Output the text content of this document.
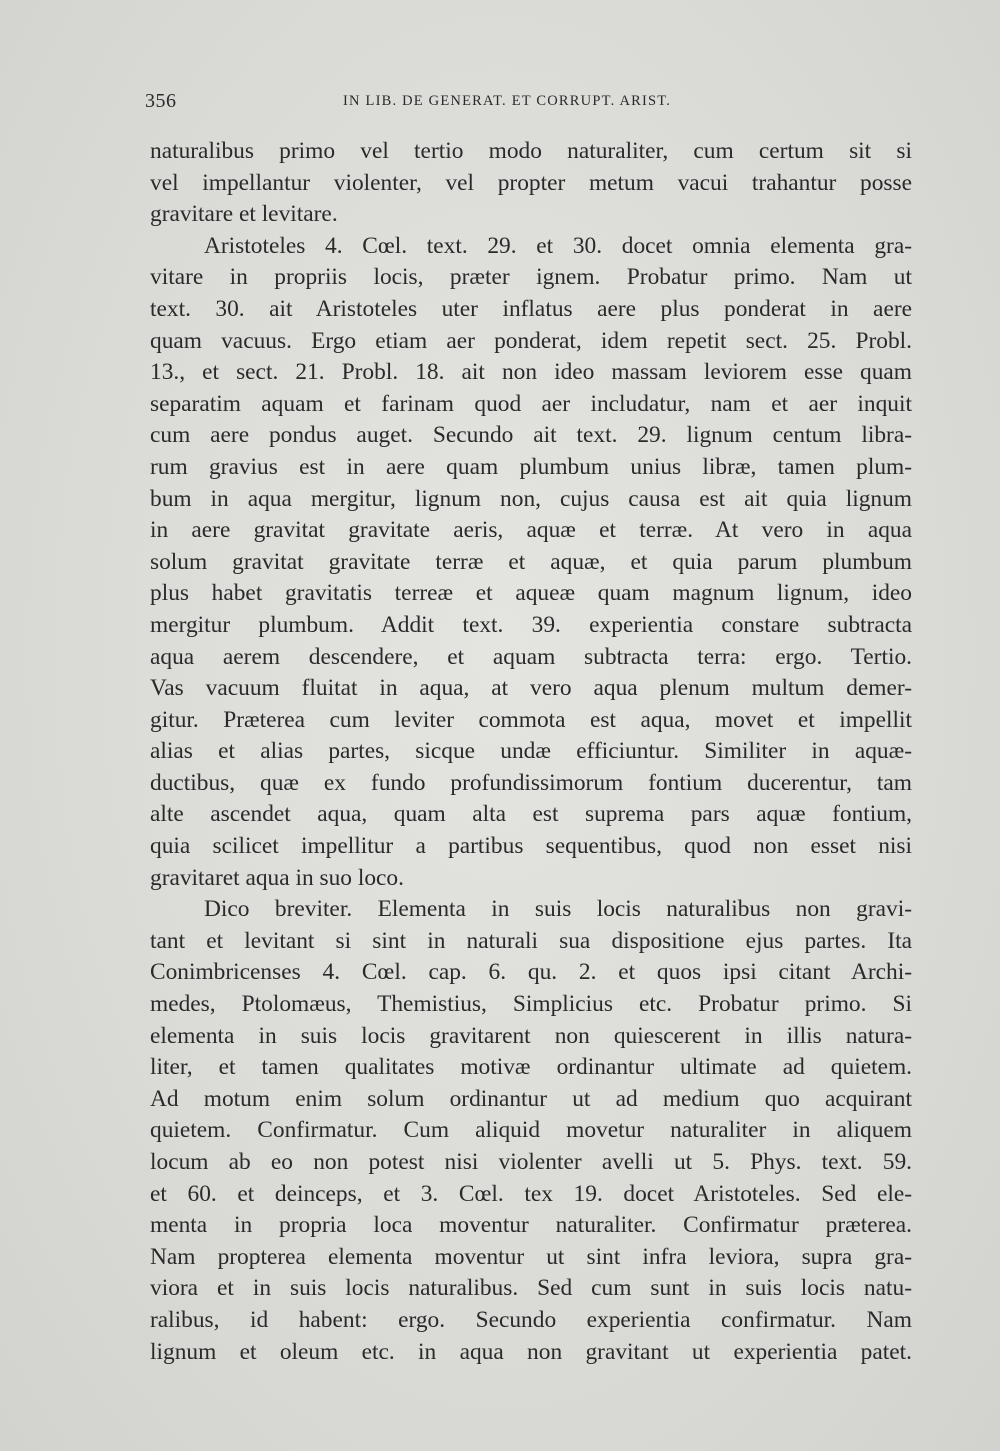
356	IN LIB. DE GENERAT. ET CORRUPT. ARIST.
naturalibus primo vel tertio modo naturaliter, cum certum sit si
vel impellantur violenter, vel propter metum vacui trahantur posse
gravitare et levitare.
Aristoteles 4. Cœl. text. 29. et 30. docet omnia elementa gra-
vitare in propriis locis, præter ignem. Probatur primo. Nam ut
text. 30. ait Aristoteles uter inflatus aere plus ponderat in aere
quam vacuus. Ergo etiam aer ponderat, idem repetit sect. 25. Probl.
13., et sect. 21. Probl. 18. ait non ideo massam leviorem esse quam
separatim aquam et farinam quod aer includatur, nam et aer inquit
cum aere pondus auget. Secundo ait text. 29. lignum centum libra-
rum gravius est in aere quam plumbum unius libræ, tamen plum-
bum in aqua mergitur, lignum non, cujus causa est ait quia lignum
in aere gravitat gravitate aeris, aquæ et terræ. At vero in aqua
solum gravitat gravitate terræ et aquæ, et quia parum plumbum
plus habet gravitatis terreæ et aqueæ quam magnum lignum, ideo
mergitur plumbum. Addit text. 39. experientia constare subtracta
aqua aerem descendere, et aquam subtracta terra: ergo. Tertio.
Vas vacuum fluitat in aqua, at vero aqua plenum multum demer-
gitur. Præterea cum leviter commota est aqua, movet et impellit
alias et alias partes, sicque undæ efficiuntur. Similiter in aquæ-
ductibus, quæ ex fundo profundissimorum fontium ducerentur, tam
alte ascendet aqua, quam alta est suprema pars aquæ fontium,
quia scilicet impellitur a partibus sequentibus, quod non esset nisi
gravitaret aqua in suo loco.
Dico breviter. Elementa in suis locis naturalibus non gravi-
tant et levitant si sint in naturali sua dispositione ejus partes. Ita
Conimbricenses 4. Cœl. cap. 6. qu. 2. et quos ipsi citant Archi-
medes, Ptolomæus, Themistius, Simplicius etc. Probatur primo. Si
elementa in suis locis gravitarent non quiescerent in illis natura-
liter, et tamen qualitates motivæ ordinantur ultimate ad quietem.
Ad motum enim solum ordinantur ut ad medium quo acquirant
quietem. Confirmatur. Cum aliquid movetur naturaliter in aliquem
locum ab eo non potest nisi violenter avelli ut 5. Phys. text. 59.
et 60. et deinceps, et 3. Cœl. tex 19. docet Aristoteles. Sed ele-
menta in propria loca moventur naturaliter. Confirmatur præterea.
Nam propterea elementa moventur ut sint infra leviora, supra gra-
viora et in suis locis naturalibus. Sed cum sunt in suis locis natu-
ralibus, id habent: ergo. Secundo experientia confirmatur. Nam
lignum et oleum etc. in aqua non gravitant ut experientia patet.
